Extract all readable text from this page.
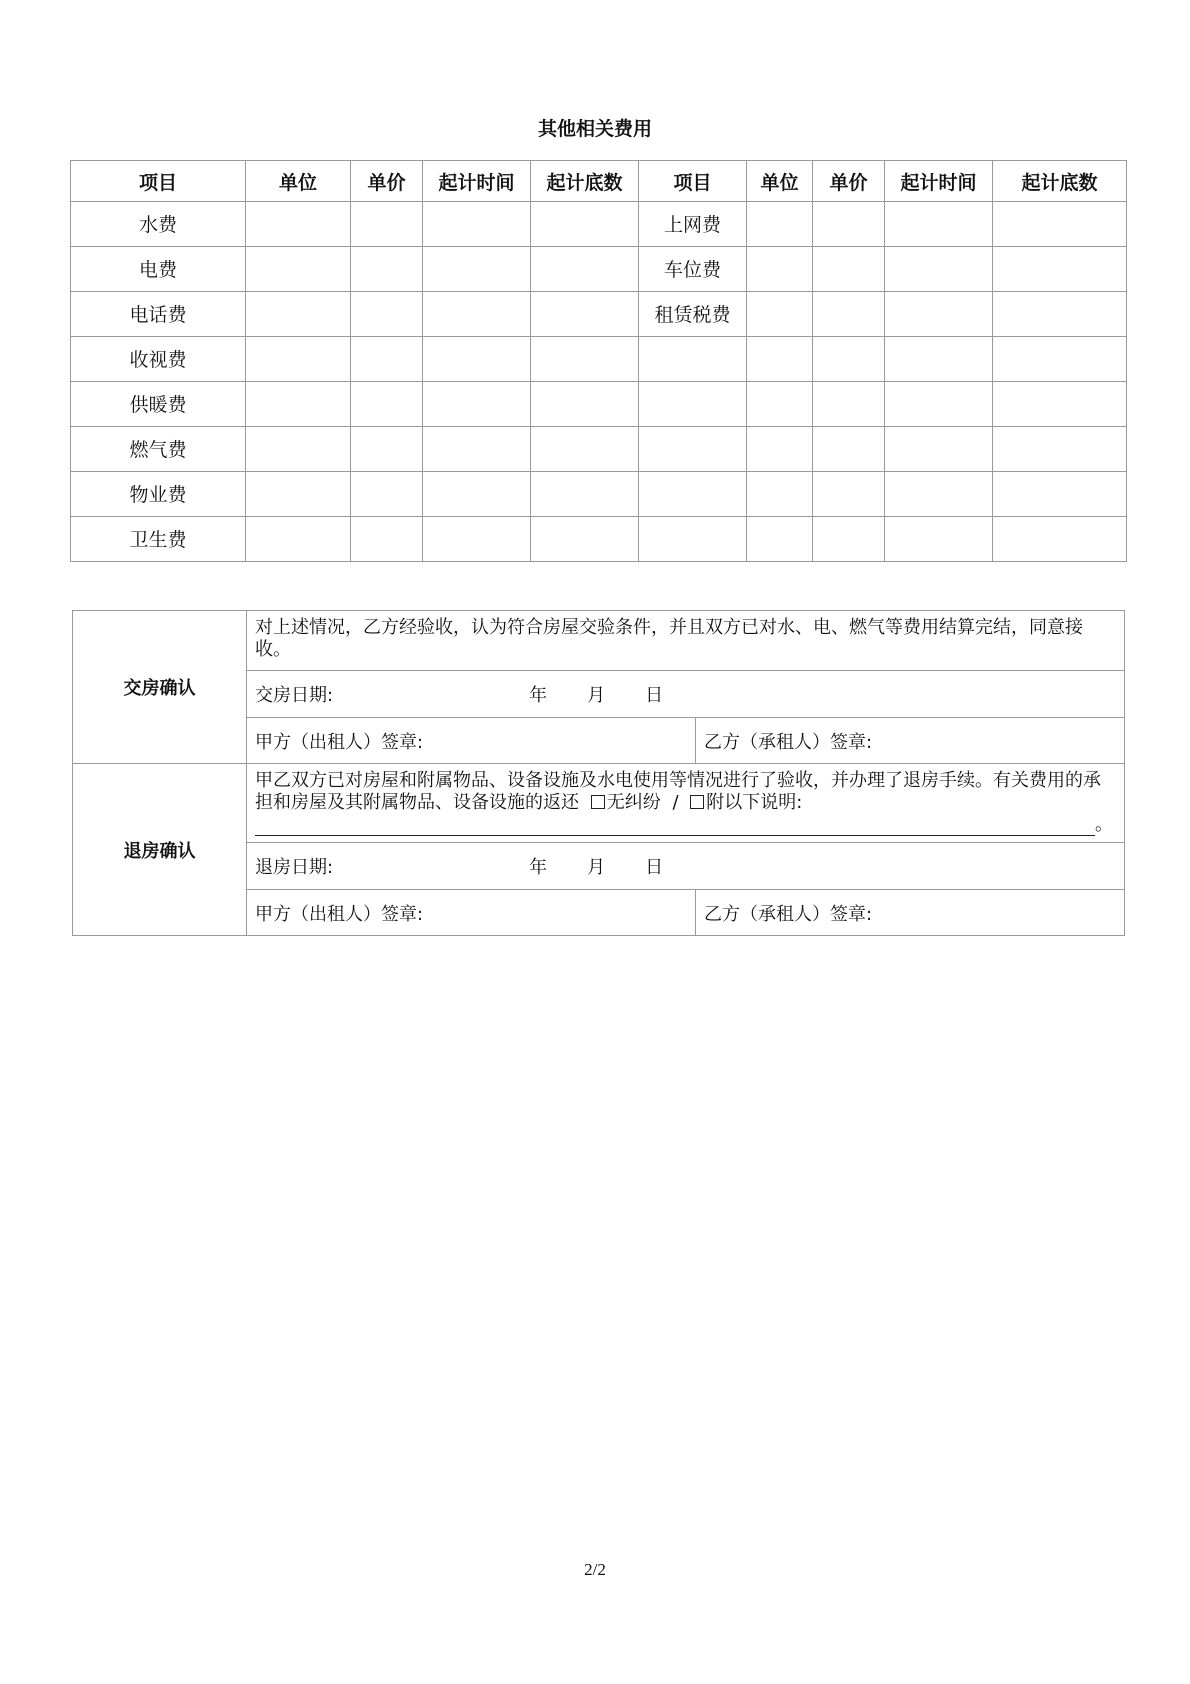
其他相关费用
项目	单位	单价	起计时间	起计底数	项目	单位	单价	起计时间	起计底数
水费					上网费				
电费					车位费				
电话费					租赁税费				
收视费									
供暖费									
燃气费									
物业费									
卫生费									
交房确认	对上述情况，乙方经验收，认为符合房屋交验条件，并且双方已对水、电、燃气等费用结算完结，同意接收。	
	交房日期: 年 月 日	
	甲方（出租人）签章:	乙方（承租人）签章:
退房确认	甲乙双方已对房屋和附属物品、设备设施及水电使用等情况进行了验收，并办理了退房手续。有关费用的承担和房屋及其附属物品、设备设施的返还 无纠纷 / 附以下说明:
。	
	退房日期: 年 月 日	
	甲方（出租人）签章:	乙方（承租人）签章:
2/2
